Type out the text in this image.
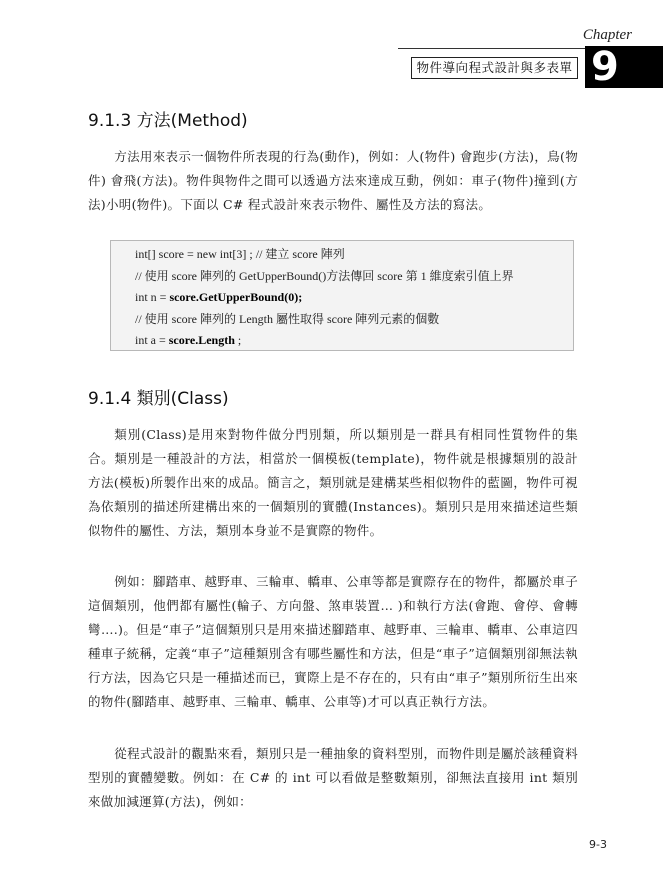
Chapter
物件導向程式設計與多表單 9
9.1.3 方法(Method)

方法用來表示一個物件所表現的行為(動作)，例如：人(物件) 會跑步(方法)，鳥(物件) 會飛(方法)。物件與物件之間可以透過方法來達成互動，例如：車子(物件)撞到(方法)小明(物件)。下面以 C# 程式設計來表示物件、屬性及方法的寫法。

int[] score = new int[3] ; // 建立 score 陣列
// 使用 score 陣列的 GetUpperBound()方法傳回 score 第 1 維度索引值上界
int n = score.GetUpperBound(0);
// 使用 score 陣列的 Length 屬性取得 score 陣列元素的個數
int a = score.Length ;
9.1.4 類別(Class)

類別(Class)是用來對物件做分門別類，所以類別是一群具有相同性質物件的集合。類別是一種設計的方法，相當於一個模板(template)，物件就是根據類別的設計方法(模板)所製作出來的成品。簡言之，類別就是建構某些相似物件的藍圖，物件可視為依類別的描述所建構出來的一個類別的實體(Instances)。類別只是用來描述這些類似物件的屬性、方法，類別本身並不是實際的物件。

例如：腳踏車、越野車、三輪車、轎車、公車等都是實際存在的物件，都屬於車子這個類別，他們都有屬性(輪子、方向盤、煞車裝置… )和執行方法(會跑、會停、會轉彎….)。但是“車子”這個類別只是用來描述腳踏車、越野車、三輪車、轎車、公車這四種車子統稱，定義“車子”這種類別含有哪些屬性和方法，但是“車子”這個類別卻無法執行方法，因為它只是一種描述而已，實際上是不存在的，只有由“車子”類別所衍生出來的物件(腳踏車、越野車、三輪車、轎車、公車等)才可以真正執行方法。

從程式設計的觀點來看，類別只是一種抽象的資料型別，而物件則是屬於該種資料型別的實體變數。例如：在 C# 的 int 可以看做是整數類別，卻無法直接用 int 類別來做加減運算(方法)，例如：

9-3
